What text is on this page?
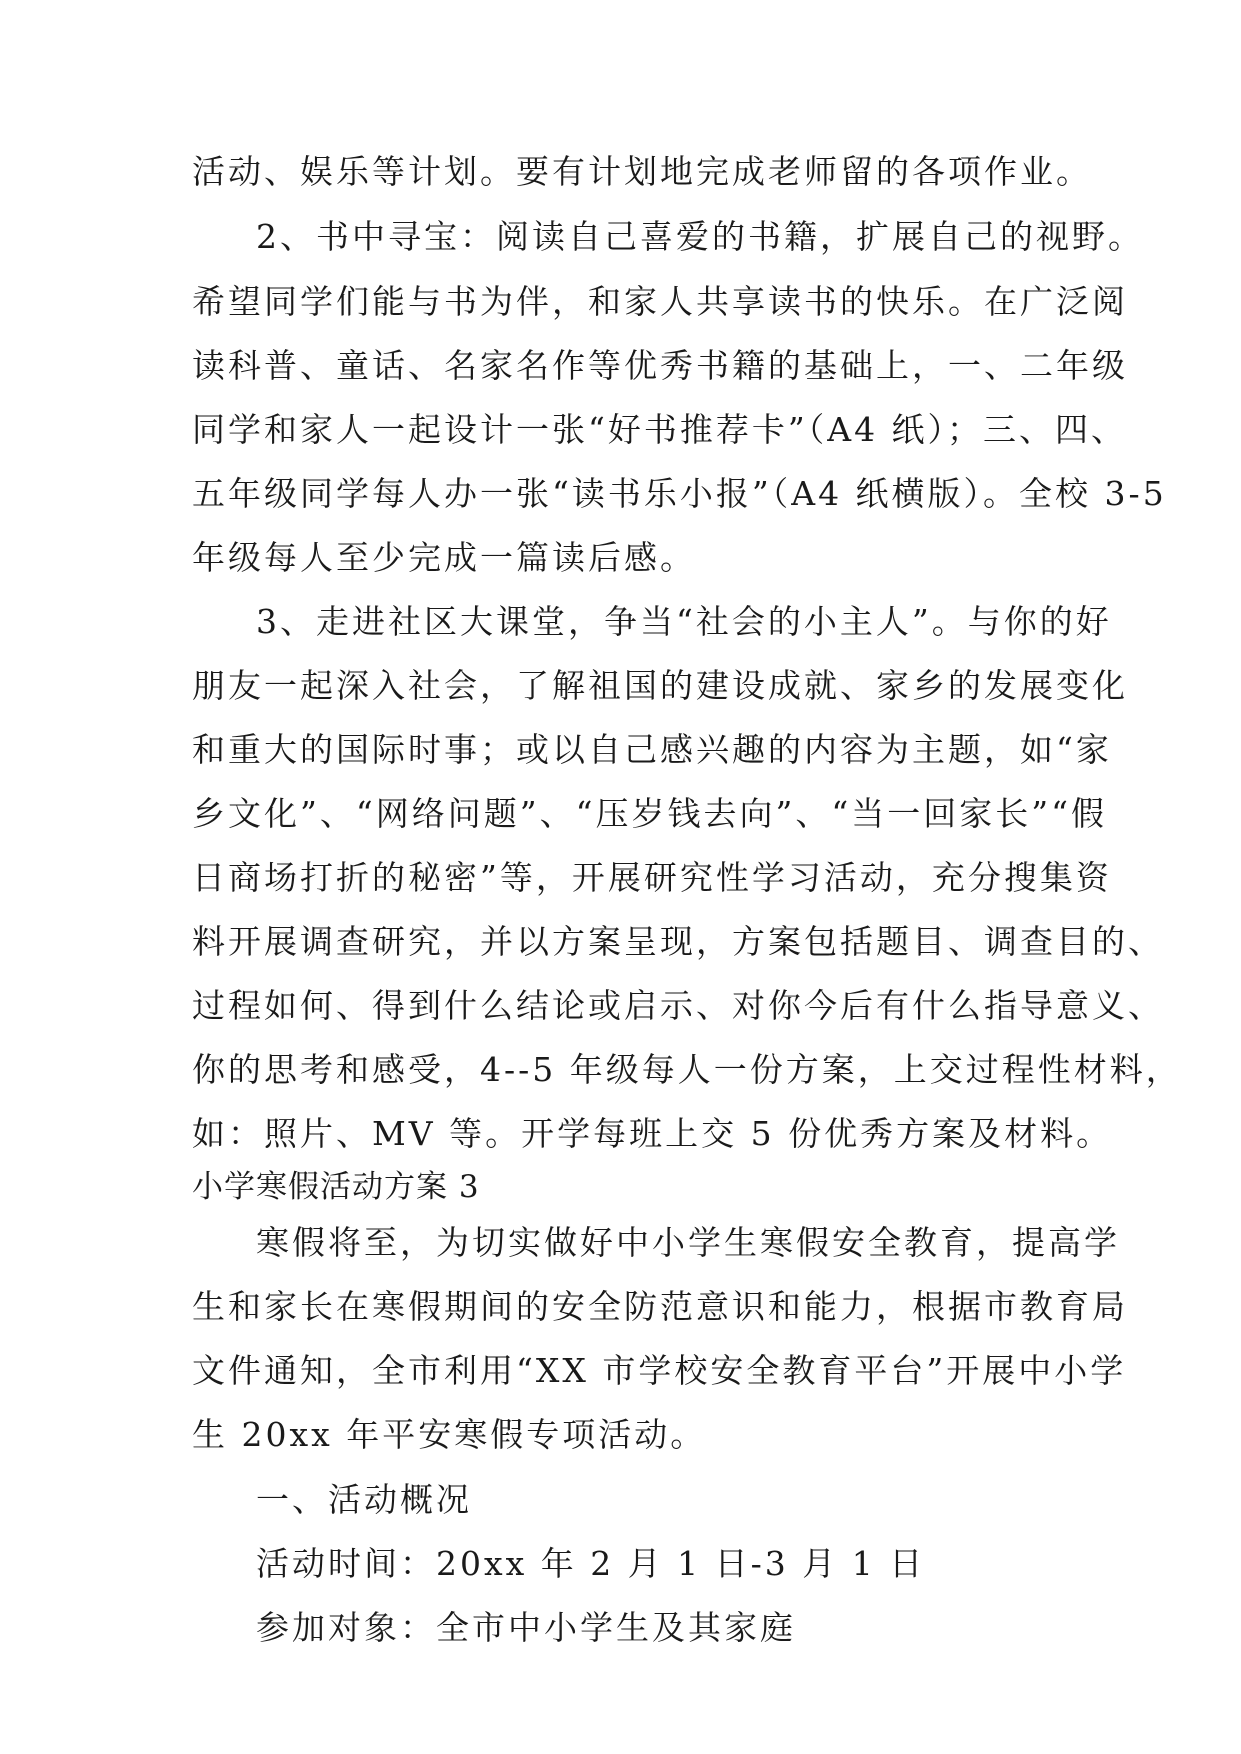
活动、娱乐等计划。要有计划地完成老师留的各项作业。
2、书中寻宝：阅读自己喜爱的书籍，扩展自己的视野。
希望同学们能与书为伴，和家人共享读书的快乐。在广泛阅
读科普、童话、名家名作等优秀书籍的基础上，一、二年级
同学和家人一起设计一张“好书推荐卡”（A4 纸）；三、四、
五年级同学每人办一张“读书乐小报”（A4 纸横版）。全校 3-5
年级每人至少完成一篇读后感。
3、走进社区大课堂，争当“社会的小主人”。与你的好
朋友一起深入社会，了解祖国的建设成就、家乡的发展变化
和重大的国际时事；或以自己感兴趣的内容为主题，如“家
乡文化”、“网络问题”、“压岁钱去向”、“当一回家长”“假
日商场打折的秘密”等，开展研究性学习活动，充分搜集资
料开展调查研究，并以方案呈现，方案包括题目、调查目的、
过程如何、得到什么结论或启示、对你今后有什么指导意义、
你的思考和感受，4--5 年级每人一份方案，上交过程性材料，
如：照片、MV 等。开学每班上交 5 份优秀方案及材料。
小学寒假活动方案 3
寒假将至，为切实做好中小学生寒假安全教育，提高学
生和家长在寒假期间的安全防范意识和能力，根据市教育局
文件通知，全市利用“XX 市学校安全教育平台”开展中小学
生 20xx 年平安寒假专项活动。
一、活动概况
活动时间：20xx 年 2 月 1 日-3 月 1 日
参加对象：全市中小学生及其家庭
